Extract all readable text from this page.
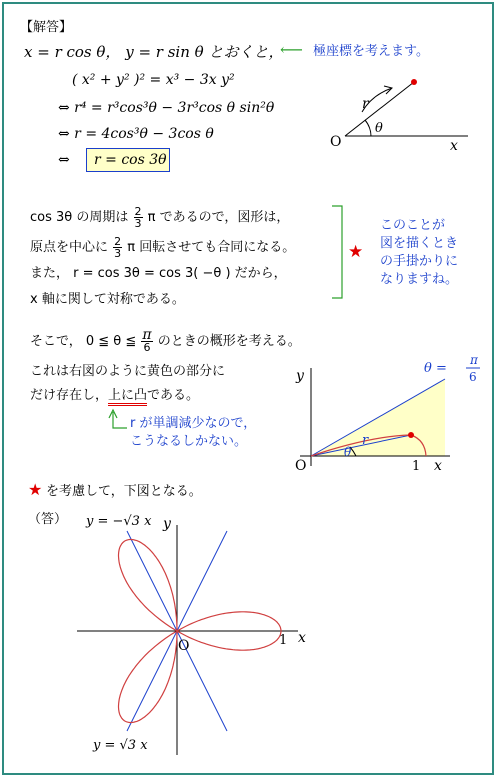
【解答】
x = r cos θ， y = r sin θ とおくと，
⟵ 極座標を考えます。
( x² + y² )² = x³ − 3x y²
⇔ r⁴ = r³cos³θ − 3r³cos θ sin²θ
⇔ r = 4cos³θ − 3cos θ
⇔ r = cos 3θ
cos 3θ の周期は $\frac{2}{3}$ π であるので，図形は，
原点を中心に $\frac{2}{3}$ π 回転させても合同になる。
また， r = cos 3θ = cos 3( −θ ) だから，
x 軸に関して対称である。
★
このことが
図を描くとき
の手掛かりに
なりますね。
そこで， 0 ≦ θ ≦ $\frac{\pi}{6}$ のときの概形を考える。
これは右図のように黄色の部分に
だけ存在し，上に凸である。
r が単調減少なので，
こうなるしかない。
★ を考慮して，下図となる。
（答）
O
r
θ
x
O
y
x
1
r
θ
θ =
π
6
O	1 x
y
y = −√3 x
y = √3 x
